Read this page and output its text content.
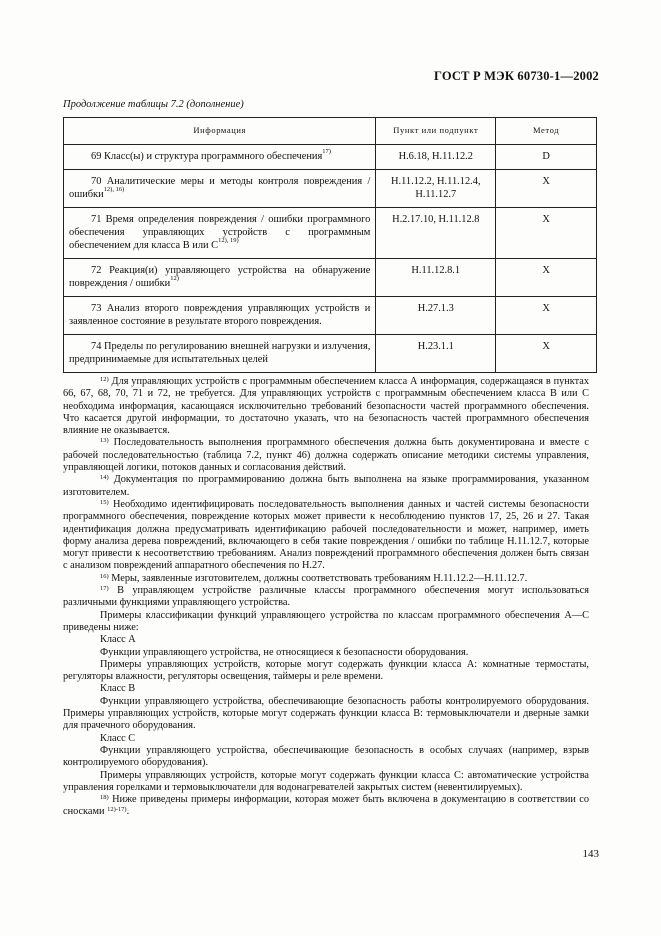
ГОСТ Р МЭК 60730-1—2002
Продолжение таблицы 7.2 (дополнение)
Информация	Пункт или подпункт	Метод
69 Класс(ы) и структура программного обеспечения$^{17)}$	Н.6.18, Н.11.12.2	D
70 Аналитические меры и методы контроля повреждения / ошибки$^{12), 16)}$	Н.11.12.2, Н.11.12.4, Н.11.12.7	X
71 Время определения повреждения / ошибки программного обеспечения управляющих устройств с программным обеспечением для класса В или $С^{12), 19)}$	Н.2.17.10, Н.11.12.8	X
72 Реакция(и) управляющего устройства на обнаружение повреждения / ошибки$^{12)}$	Н.11.12.8.1	X
73 Анализ второго повреждения управляющих устройств и заявленное состояние в результате второго повреждения.	Н.27.1.3	X
74 Пределы по регулированию внешней нагрузки и излучения, предпринимаемые для испытательных целей	Н.23.1.1	X

$^{12)}$ Для управляющих устройств с программным обеспечением класса А информация, содержащаяся в пунктах 66, 67, 68, 70, 71 и 72, не требуется. Для управляющих устройств с программным обеспечением класса В или С необходима информация, касающаяся исключительно требований безопасности частей программного обеспечения. Что касается другой информации, то достаточно указать, что на безопасность частей программного обеспечения влияние не оказывается.

$^{13)}$ Последовательность выполнения программного обеспечения должна быть документирована и вместе с рабочей последовательностью (таблица 7.2, пункт 46) должна содержать описание методики системы управления, управляющей логики, потоков данных и согласования действий.

$^{14)}$ Документация по программированию должна быть выполнена на языке программирования, указанном изготовителем.

$^{15)}$ Необходимо идентифицировать последовательность выполнения данных и частей системы безопасности программного обеспечения, повреждение которых может привести к несоблюдению пунктов 17, 25, 26 и 27. Такая идентификация должна предусматривать идентификацию рабочей последовательности и может, например, иметь форму анализа дерева повреждений, включающего в себя такие повреждения / ошибки по таблице Н.11.12.7, которые могут привести к несоответствию требованиям. Анализ повреждений программного обеспечения должен быть связан с анализом повреждений аппаратного обеспечения по Н.27.

$^{16)}$ Меры, заявленные изготовителем, должны соответствовать требованиям Н.11.12.2—Н.11.12.7.

$^{17)}$ В управляющем устройстве различные классы программного обеспечения могут использоваться различными функциями управляющего устройства.

Примеры классификации функций управляющего устройства по классам программного обеспечения А—С приведены ниже:

Класс А

Функции управляющего устройства, не относящиеся к безопасности оборудования.

Примеры управляющих устройств, которые могут содержать функции класса А: комнатные термостаты, регуляторы влажности, регуляторы освещения, таймеры и реле времени.

Класс В

Функции управляющего устройства, обеспечивающие безопасность работы контролируемого оборудования. Примеры управляющих устройств, которые могут содержать функции класса В: термовыключатели и дверные замки для прачечного оборудования.

Класс С

Функции управляющего устройства, обеспечивающие безопасность в особых случаях (например, взрыв контролируемого оборудования).

Примеры управляющих устройств, которые могут содержать функции класса С: автоматические устройства управления горелками и термовыключатели для водонагревателей закрытых систем (невентилируемых).

$^{18)}$ Ниже приведены примеры информации, которая может быть включена в документацию в соответствии со сносками $^{12)-17)}$.

143
